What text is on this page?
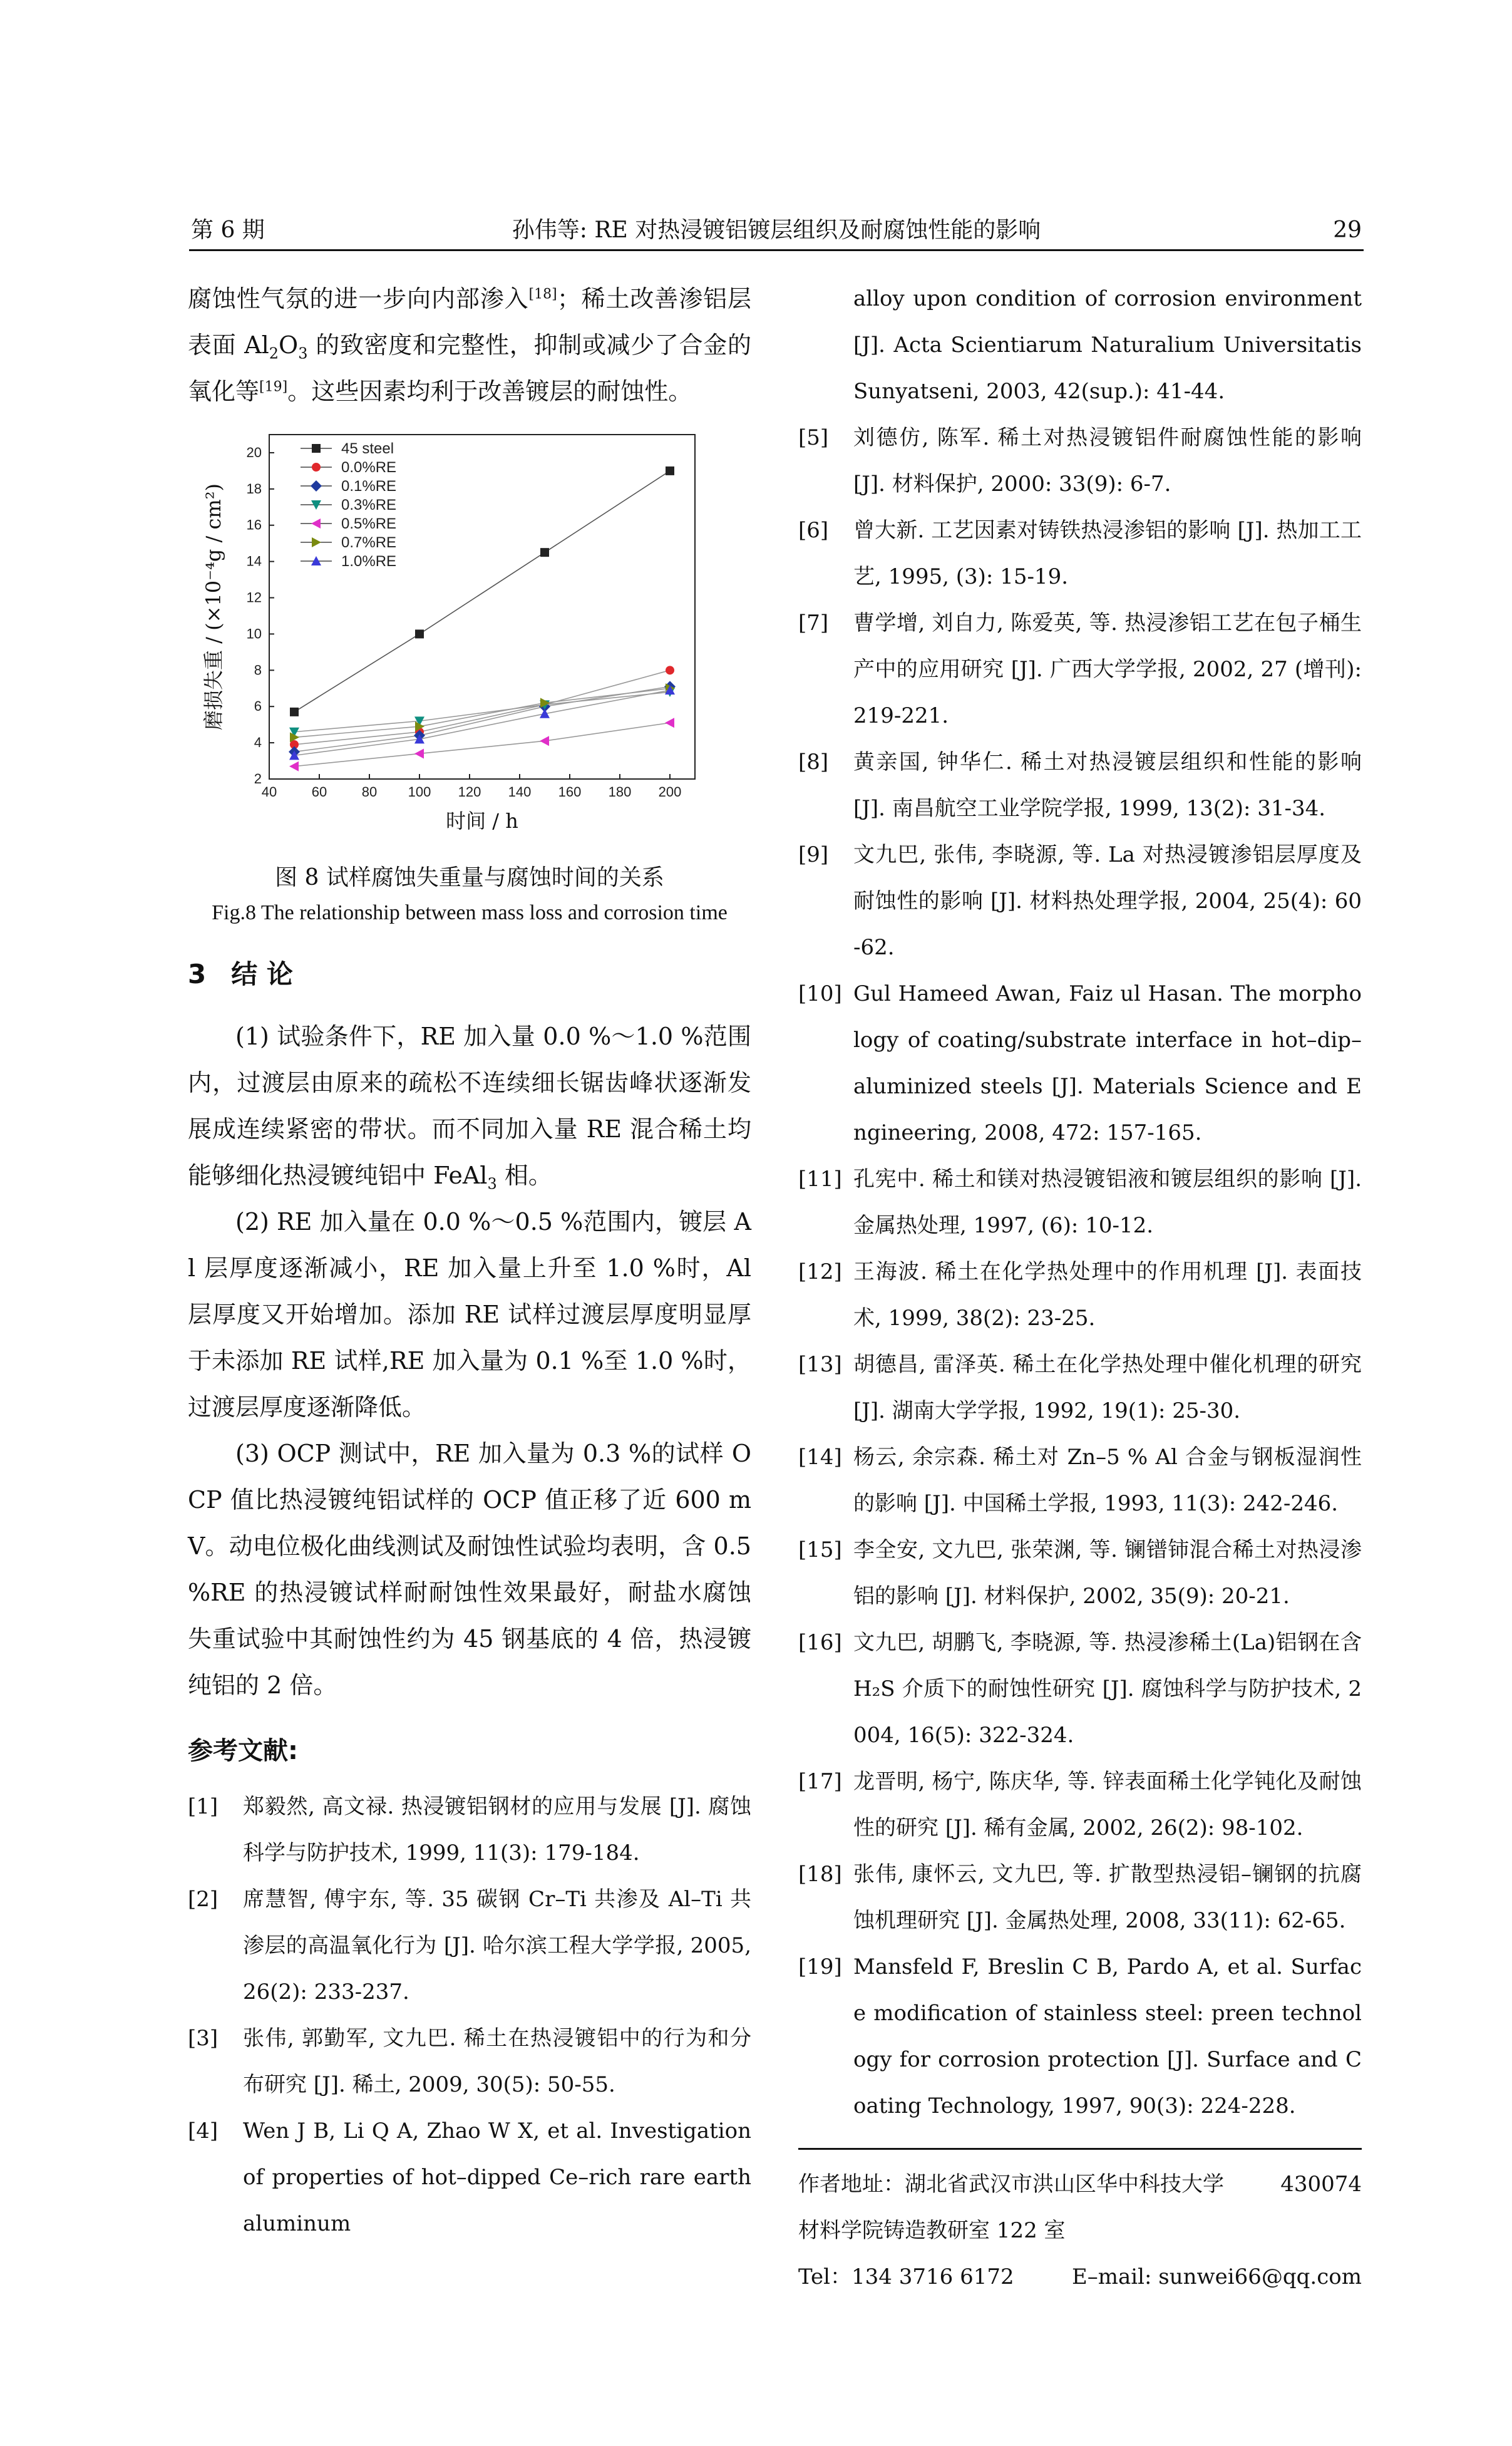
第 6 期	孙伟等: RE 对热浸镀铝镀层组织及耐腐蚀性能的影响	29

腐蚀性气氛的进一步向内部渗入[18]；稀土改善渗铝层表面 $Al_2O_3$ 的致密度和完整性，抑制或减少了合金的氧化等[19]。这些因素均利于改善镀层的耐蚀性。

40	60	80 100 120 140 160 180 200
2
4
6
8
10
12
14
16
18
20
时间 / h
磨损失重 / (×10⁻⁴g / cm²)
45 steel
0.0%RE
0.1%RE
0.3%RE
0.5%RE
0.7%RE
1.0%RE

图 8 试样腐蚀失重量与腐蚀时间的关系

Fig.8 The relationship between mass loss and corrosion time

3 结 论

(1) 试验条件下，RE 加入量 0.0 %～1.0 %范围内，过渡层由原来的疏松不连续细长锯齿峰状逐渐发展成连续紧密的带状。而不同加入量 RE 混合稀土均能够细化热浸镀纯铝中 FeAl$_3$ 相。

(2) RE 加入量在 0.0 %～0.5 %范围内，镀层 Al 层厚度逐渐减小，RE 加入量上升至 1.0 %时，Al 层厚度又开始增加。添加 RE 试样过渡层厚度明显厚于未添加 RE 试样,RE 加入量为 0.1 %至 1.0 %时，过渡层厚度逐渐降低。

(3) OCP 测试中，RE 加入量为 0.3 %的试样 OCP 值比热浸镀纯铝试样的 OCP 值正移了近 600 mV。动电位极化曲线测试及耐蚀性试验均表明，含 0.5 %RE 的热浸镀试样耐耐蚀性效果最好，耐盐水腐蚀失重试验中其耐蚀性约为 45 钢基底的 4 倍，热浸镀纯铝的 2 倍。

参考文献:
[1]	郑毅然, 高文禄. 热浸镀铝钢材的应用与发展 [J]. 腐蚀科学与防护技术, 1999, 11(3): 179-184.
[2]	席慧智, 傅宇东, 等. 35 碳钢 Cr–Ti 共渗及 Al–Ti 共渗层的高温氧化行为 [J]. 哈尔滨工程大学学报, 2005, 26(2): 233-237.
[3]	张伟, 郭勤军, 文九巴. 稀土在热浸镀铝中的行为和分布研究 [J]. 稀土, 2009, 30(5): 50-55.
[4]	Wen J B, Li Q A, Zhao W X, et al. Investigation of properties of hot–dipped Ce–rich rare earth aluminum
alloy upon condition of corrosion environment [J]. Acta Scientiarum Naturalium Universitatis Sunyatseni, 2003, 42(sup.): 41-44.
[5]	刘德仿, 陈军. 稀土对热浸镀铝件耐腐蚀性能的影响 [J]. 材料保护, 2000: 33(9): 6-7.
[6]	曾大新. 工艺因素对铸铁热浸渗铝的影响 [J]. 热加工工艺, 1995, (3): 15-19.
[7]	曹学增, 刘自力, 陈爱英, 等. 热浸渗铝工艺在包子桶生产中的应用研究 [J]. 广西大学学报, 2002, 27 (增刊): 219-221.
[8]	黄亲国, 钟华仁. 稀土对热浸镀层组织和性能的影响 [J]. 南昌航空工业学院学报, 1999, 13(2): 31-34.
[9]	文九巴, 张伟, 李晓源, 等. La 对热浸镀渗铝层厚度及耐蚀性的影响 [J]. 材料热处理学报, 2004, 25(4): 60-62.
[10] Gul Hameed Awan, Faiz ul Hasan. The morphology of coating/substrate interface in hot–dip–aluminized steels [J]. Materials Science and Engineering, 2008, 472: 157-165.
[11] 孔宪中. 稀土和镁对热浸镀铝液和镀层组织的影响 [J]. 金属热处理, 1997, (6): 10-12.
[12] 王海波. 稀土在化学热处理中的作用机理 [J]. 表面技术, 1999, 38(2): 23-25.
[13] 胡德昌, 雷泽英. 稀土在化学热处理中催化机理的研究 [J]. 湖南大学学报, 1992, 19(1): 25-30.
[14] 杨云, 余宗森. 稀土对 Zn–5 % Al 合金与钢板湿润性的影响 [J]. 中国稀土学报, 1993, 11(3): 242-246.
[15] 李全安, 文九巴, 张荣渊, 等. 镧镨铈混合稀土对热浸渗铝的影响 [J]. 材料保护, 2002, 35(9): 20-21.
[16] 文九巴, 胡鹏飞, 李晓源, 等. 热浸渗稀土(La)铝钢在含 H₂S 介质下的耐蚀性研究 [J]. 腐蚀科学与防护技术, 2004, 16(5): 322-324.
[17] 龙晋明, 杨宁, 陈庆华, 等. 锌表面稀土化学钝化及耐蚀性的研究 [J]. 稀有金属, 2002, 26(2): 98-102.
[18] 张伟, 康怀云, 文九巴, 等. 扩散型热浸铝–镧钢的抗腐蚀机理研究 [J]. 金属热处理, 2008, 33(11): 62-65.
[19] Mansfeld F, Breslin C B, Pardo A, et al. Surface modification of stainless steel: preen technology for corrosion protection [J]. Surface and Coating Technology, 1997, 90(3): 224-228.
作者地址：湖北省武汉市洪山区华中科技大学	430074
材料学院铸造教研室 122 室
Tel：134 3716 6172	E–mail: sunwei66@qq.com
